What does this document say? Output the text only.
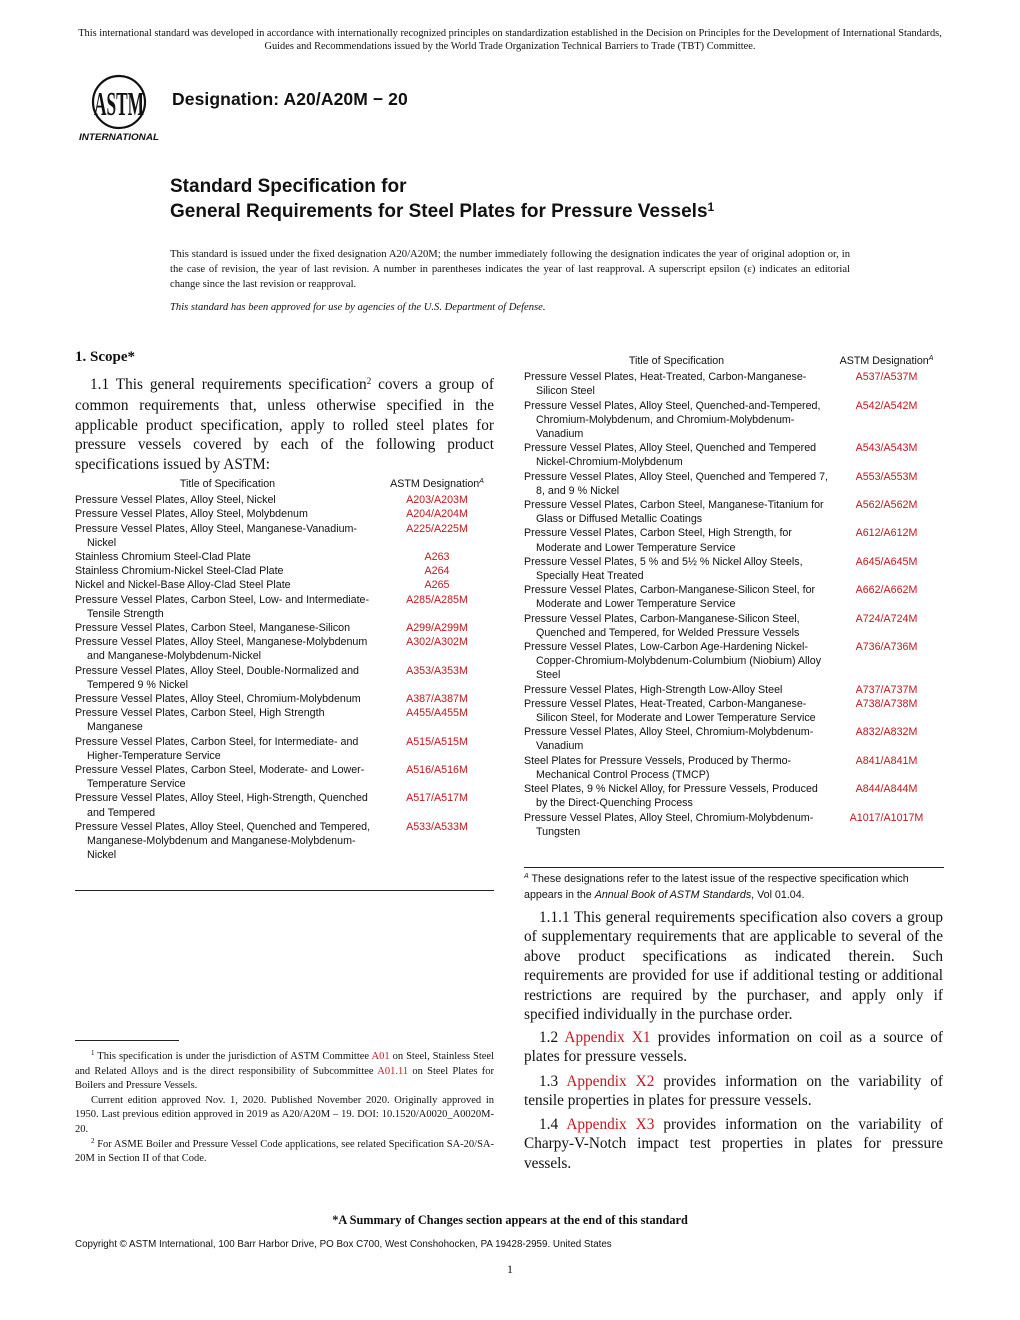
This international standard was developed in accordance with internationally recognized principles on standardization established in the Decision on Principles for the Development of International Standards, Guides and Recommendations issued by the World Trade Organization Technical Barriers to Trade (TBT) Committee.
ASTM
INTERNATIONAL
Designation: A20/A20M − 20
Standard Specification for
General Requirements for Steel Plates for Pressure Vessels$^1$
This standard is issued under the fixed designation A20/A20M; the number immediately following the designation indicates the year of original adoption or, in the case of revision, the year of last revision. A number in parentheses indicates the year of last reapproval. A superscript epsilon (ε) indicates an editorial change since the last revision or reapproval.
This standard has been approved for use by agencies of the U.S. Department of Defense.
1. Scope*
1.1 This general requirements specification$^2$ covers a group of common requirements that, unless otherwise specified in the applicable product specification, apply to rolled steel plates for pressure vessels covered by each of the following product specifications issued by ASTM:
Title of Specification	ASTM Designation$^A$
Pressure Vessel Plates, Alloy Steel, Nickel	A203/A203M
Pressure Vessel Plates, Alloy Steel, Molybdenum	A204/A204M
Pressure Vessel Plates, Alloy Steel, Manganese-Vanadium-Nickel	A225/A225M
Stainless Chromium Steel-Clad Plate	A263
Stainless Chromium-Nickel Steel-Clad Plate	A264
Nickel and Nickel-Base Alloy-Clad Steel Plate	A265
Pressure Vessel Plates, Carbon Steel, Low- and Intermediate-Tensile Strength	A285/A285M
Pressure Vessel Plates, Carbon Steel, Manganese-Silicon	A299/A299M
Pressure Vessel Plates, Alloy Steel, Manganese-Molybdenum and Manganese-Molybdenum-Nickel	A302/A302M
Pressure Vessel Plates, Alloy Steel, Double-Normalized and Tempered 9 % Nickel	A353/A353M
Pressure Vessel Plates, Alloy Steel, Chromium-Molybdenum	A387/A387M
Pressure Vessel Plates, Carbon Steel, High Strength Manganese	A455/A455M
Pressure Vessel Plates, Carbon Steel, for Intermediate- and Higher-Temperature Service	A515/A515M
Pressure Vessel Plates, Carbon Steel, Moderate- and Lower-Temperature Service	A516/A516M
Pressure Vessel Plates, Alloy Steel, High-Strength, Quenched and Tempered	A517/A517M
Pressure Vessel Plates, Alloy Steel, Quenched and Tempered, Manganese-Molybdenum and Manganese-Molybdenum-Nickel	A533/A533M
Title of Specification	ASTM Designation$^A$
Pressure Vessel Plates, Heat-Treated, Carbon-Manganese-Silicon Steel	A537/A537M
Pressure Vessel Plates, Alloy Steel, Quenched-and-Tempered, Chromium-Molybdenum, and Chromium-Molybdenum-Vanadium	A542/A542M
Pressure Vessel Plates, Alloy Steel, Quenched and Tempered Nickel-Chromium-Molybdenum	A543/A543M
Pressure Vessel Plates, Alloy Steel, Quenched and Tempered 7, 8, and 9 % Nickel	A553/A553M
Pressure Vessel Plates, Carbon Steel, Manganese-Titanium for Glass or Diffused Metallic Coatings	A562/A562M
Pressure Vessel Plates, Carbon Steel, High Strength, for Moderate and Lower Temperature Service	A612/A612M
Pressure Vessel Plates, 5 % and 5½ % Nickel Alloy Steels, Specially Heat Treated	A645/A645M
Pressure Vessel Plates, Carbon-Manganese-Silicon Steel, for Moderate and Lower Temperature Service	A662/A662M
Pressure Vessel Plates, Carbon-Manganese-Silicon Steel, Quenched and Tempered, for Welded Pressure Vessels	A724/A724M
Pressure Vessel Plates, Low-Carbon Age-Hardening Nickel-Copper-Chromium-Molybdenum-Columbium (Niobium) Alloy Steel	A736/A736M
Pressure Vessel Plates, High-Strength Low-Alloy Steel	A737/A737M
Pressure Vessel Plates, Heat-Treated, Carbon-Manganese-Silicon Steel, for Moderate and Lower Temperature Service	A738/A738M
Pressure Vessel Plates, Alloy Steel, Chromium-Molybdenum-Vanadium	A832/A832M
Steel Plates for Pressure Vessels, Produced by Thermo-Mechanical Control Process (TMCP)	A841/A841M
Steel Plates, 9 % Nickel Alloy, for Pressure Vessels, Produced by the Direct-Quenching Process	A844/A844M
Pressure Vessel Plates, Alloy Steel, Chromium-Molybdenum-Tungsten	A1017/A1017M
$^A$ These designations refer to the latest issue of the respective specification which appears in the Annual Book of ASTM Standards, Vol 01.04.
1.1.1 This general requirements specification also covers a group of supplementary requirements that are applicable to several of the above product specifications as indicated therein. Such requirements are provided for use if additional testing or additional restrictions are required by the purchaser, and apply only if specified individually in the purchase order.
1.2 Appendix X1 provides information on coil as a source of plates for pressure vessels.
1.3 Appendix X2 provides information on the variability of tensile properties in plates for pressure vessels.
1.4 Appendix X3 provides information on the variability of Charpy-V-Notch impact test properties in plates for pressure vessels.

$^1$ This specification is under the jurisdiction of ASTM Committee A01 on Steel, Stainless Steel and Related Alloys and is the direct responsibility of Subcommittee A01.11 on Steel Plates for Boilers and Pressure Vessels.

Current edition approved Nov. 1, 2020. Published November 2020. Originally approved in 1950. Last previous edition approved in 2019 as A20/A20M – 19. DOI: 10.1520/A0020_A0020M-20.

$^2$ For ASME Boiler and Pressure Vessel Code applications, see related Specification SA-20/SA-20M in Section II of that Code.

*A Summary of Changes section appears at the end of this standard
Copyright © ASTM International, 100 Barr Harbor Drive, PO Box C700, West Conshohocken, PA 19428-2959. United States
1
